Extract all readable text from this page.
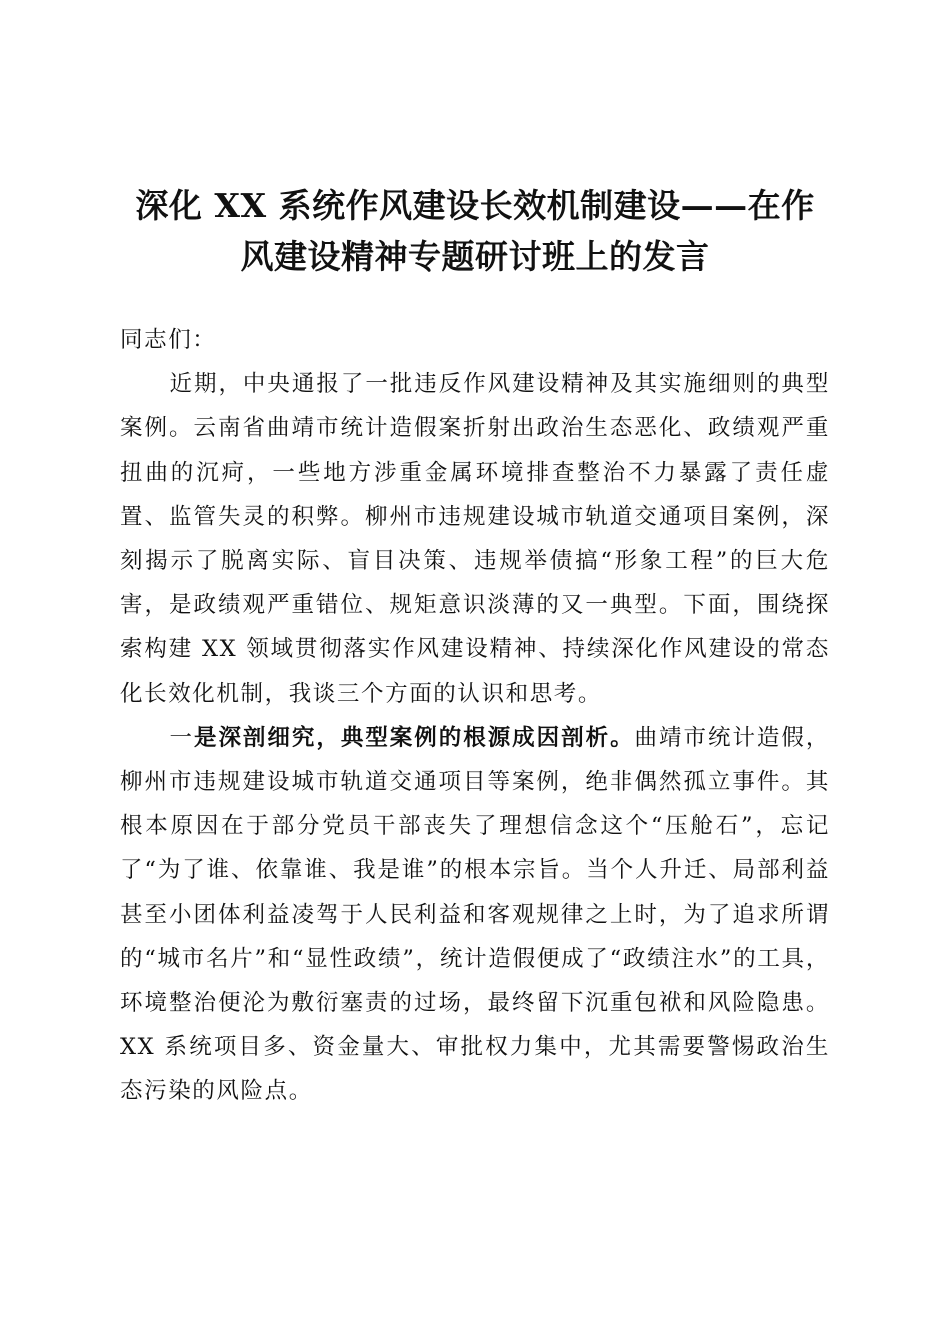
深化 XX 系统作风建设长效机制建设——在作
风建设精神专题研讨班上的发言

同志们：

近期，中央通报了一批违反作风建设精神及其实施细则的典型案例。云南省曲靖市统计造假案折射出政治生态恶化、政绩观严重扭曲的沉疴，一些地方涉重金属环境排查整治不力暴露了责任虚置、监管失灵的积弊。柳州市违规建设城市轨道交通项目案例，深刻揭示了脱离实际、盲目决策、违规举债搞“形象工程”的巨大危害，是政绩观严重错位、规矩意识淡薄的又一典型。下面，围绕探索构建 XX 领域贯彻落实作风建设精神、持续深化作风建设的常态化长效化机制，我谈三个方面的认识和思考。

一是深剖细究，典型案例的根源成因剖析。曲靖市统计造假，柳州市违规建设城市轨道交通项目等案例，绝非偶然孤立事件。其根本原因在于部分党员干部丧失了理想信念这个“压舱石”，忘记了“为了谁、依靠谁、我是谁”的根本宗旨。当个人升迁、局部利益甚至小团体利益凌驾于人民利益和客观规律之上时，为了追求所谓的“城市名片”和“显性政绩”，统计造假便成了“政绩注水”的工具，环境整治便沦为敷衍塞责的过场，最终留下沉重包袱和风险隐患。XX 系统项目多、资金量大、审批权力集中，尤其需要警惕政治生态污染的风险点。
